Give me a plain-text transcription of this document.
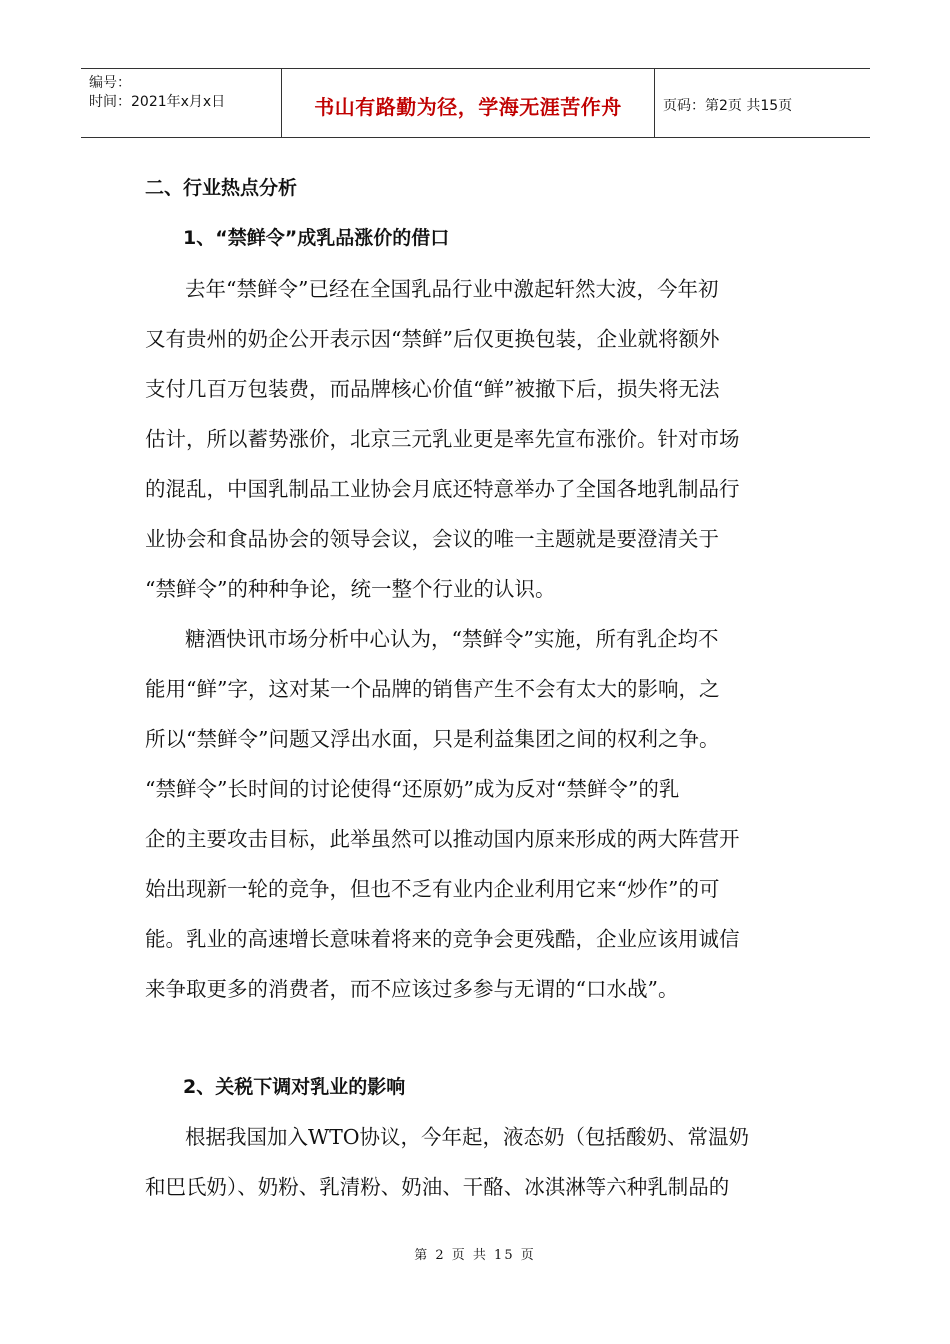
编号：
时间：2021年x月x日	书山有路勤为径，学海无涯苦作舟	页码：第2页 共15页
二、行业热点分析
1、“禁鲜令”成乳品涨价的借口
去年“禁鲜令”已经在全国乳品行业中激起轩然大波，今年初
又有贵州的奶企公开表示因“禁鲜”后仅更换包装，企业就将额外
支付几百万包装费，而品牌核心价值“鲜”被撤下后，损失将无法
估计，所以蓄势涨价，北京三元乳业更是率先宣布涨价。针对市场
的混乱，中国乳制品工业协会月底还特意举办了全国各地乳制品行
业协会和食品协会的领导会议，会议的唯一主题就是要澄清关于
“禁鲜令”的种种争论，统一整个行业的认识。
糖酒快讯市场分析中心认为，“禁鲜令”实施，所有乳企均不
能用“鲜”字，这对某一个品牌的销售产生不会有太大的影响，之
所以“禁鲜令”问题又浮出水面，只是利益集团之间的权利之争。
“禁鲜令”长时间的讨论使得“还原奶”成为反对“禁鲜令”的乳
企的主要攻击目标，此举虽然可以推动国内原来形成的两大阵营开
始出现新一轮的竞争，但也不乏有业内企业利用它来“炒作”的可
能。乳业的高速增长意味着将来的竞争会更残酷，企业应该用诚信
来争取更多的消费者，而不应该过多参与无谓的“口水战”。
2、关税下调对乳业的影响
根据我国加入WTO协议，今年起，液态奶（包括酸奶、常温奶
和巴氏奶）、奶粉、乳清粉、奶油、干酪、冰淇淋等六种乳制品的
第 2 页 共 15 页
